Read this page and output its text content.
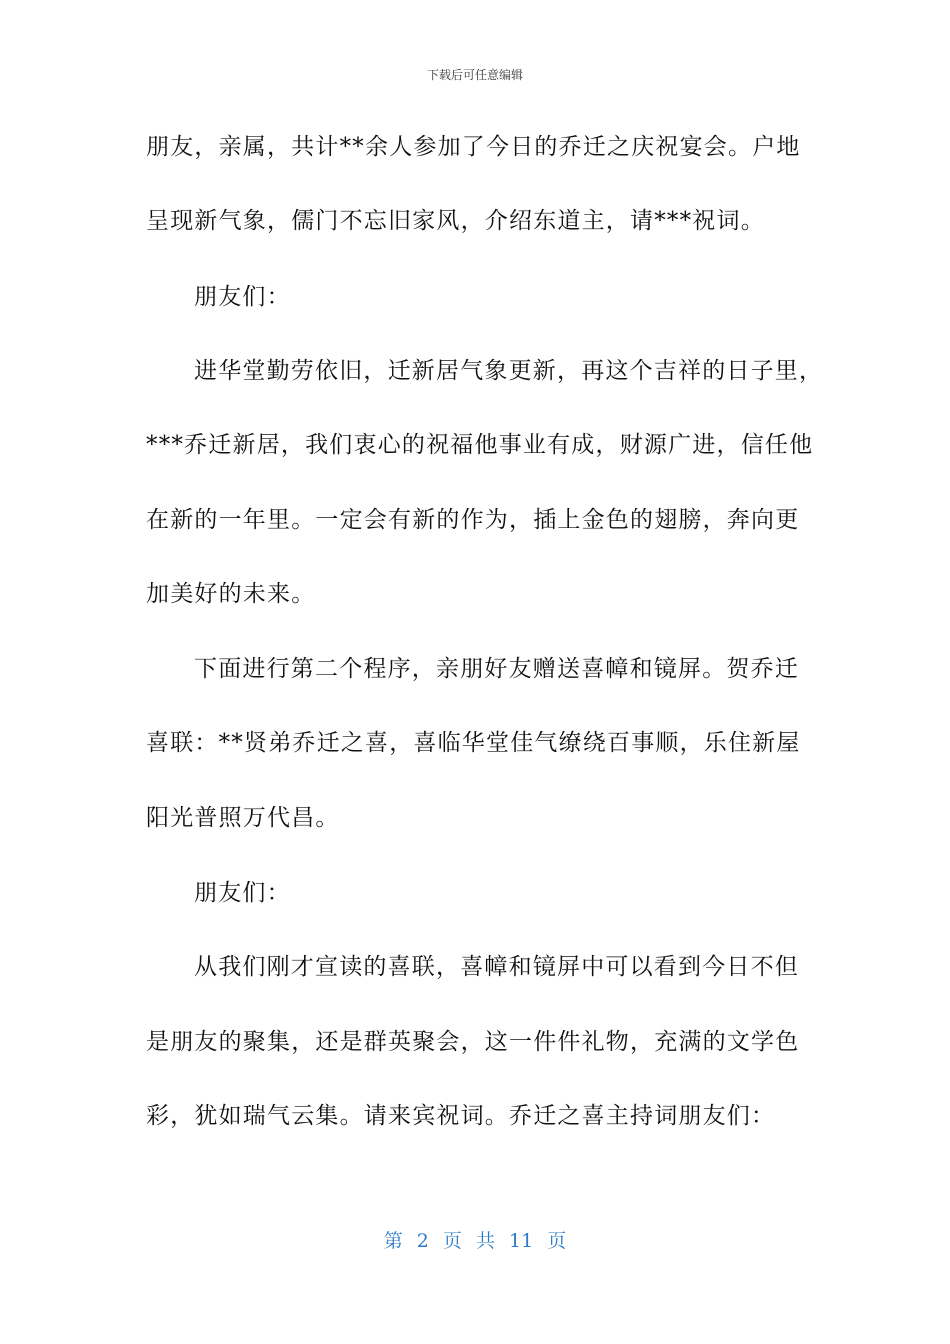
下载后可任意编辑
朋友，亲属，共计**余人参加了今日的乔迁之庆祝宴会。户地
呈现新气象，儒门不忘旧家风，介绍东道主，请***祝词。
朋友们：
进华堂勤劳依旧，迁新居气象更新，再这个吉祥的日子里，
***乔迁新居，我们衷心的祝福他事业有成，财源广进，信任他
在新的一年里。一定会有新的作为，插上金色的翅膀，奔向更
加美好的未来。
下面进行第二个程序，亲朋好友赠送喜幛和镜屏。贺乔迁
喜联：**贤弟乔迁之喜，喜临华堂佳气缭绕百事顺，乐住新屋
阳光普照万代昌。
朋友们：
从我们刚才宣读的喜联，喜幛和镜屏中可以看到今日不但
是朋友的聚集，还是群英聚会，这一件件礼物，充满的文学色
彩，犹如瑞气云集。请来宾祝词。乔迁之喜主持词朋友们：
第 2 页 共 11 页
